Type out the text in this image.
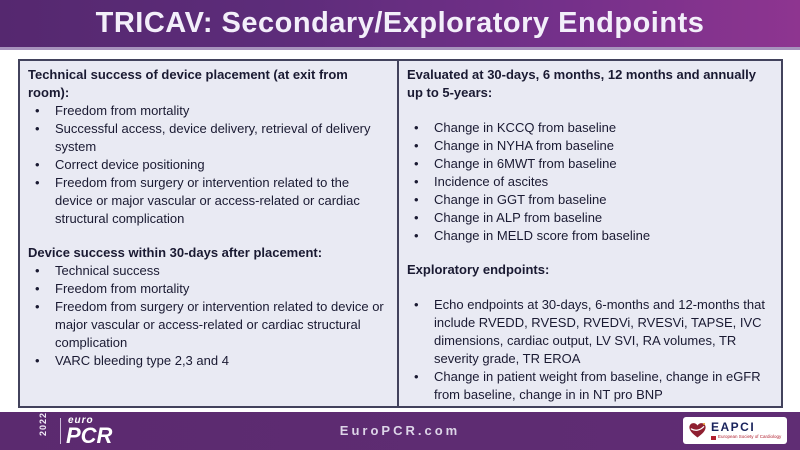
TRICAV: Secondary/Exploratory Endpoints
Technical success of device placement (at exit from room):
• Freedom from mortality
• Successful access, device delivery, retrieval of delivery system
• Correct device positioning
• Freedom from surgery or intervention related to the device or major vascular or access-related or cardiac structural complication
Device success within 30-days after placement:
• Technical success
• Freedom from mortality
• Freedom from surgery or intervention related to device or major vascular or access-related or cardiac structural complication
• VARC bleeding type 2,3 and 4
Evaluated at 30-days, 6 months, 12 months and annually up to 5-years:
• Change in KCCQ from baseline
• Change in NYHA from baseline
• Change in 6MWT from baseline
• Incidence of ascites
• Change in GGT from baseline
• Change in ALP from baseline
• Change in MELD score from baseline
Exploratory endpoints:
• Echo endpoints at 30-days, 6-months and 12-months that include RVEDD, RVESD, RVEDVi, RVESVi, TAPSE, IVC dimensions, cardiac output, LV SVI, RA volumes, TR severity grade, TR EROA
• Change in patient weight from baseline, change in eGFR from baseline, change in in NT pro BNP
2022 euro
PCR	EuroPCR.com	EAPCI
European Society of Cardiology
